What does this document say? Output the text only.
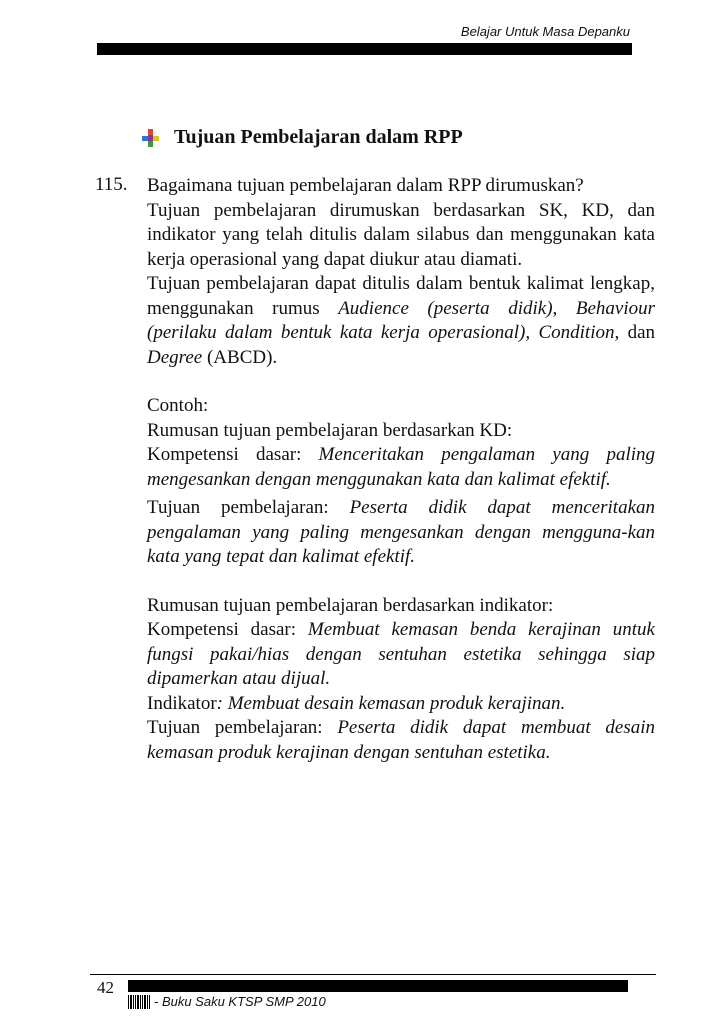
Belajar Untuk Masa Depanku
Tujuan Pembelajaran dalam RPP
115. Bagaimana tujuan pembelajaran dalam RPP dirumuskan?

Tujuan pembelajaran dirumuskan berdasarkan SK, KD, dan indikator yang telah ditulis dalam silabus dan menggunakan kata kerja operasional yang dapat diukur atau diamati.

Tujuan pembelajaran dapat ditulis dalam bentuk kalimat lengkap, menggunakan rumus Audience (peserta didik), Behaviour (perilaku dalam bentuk kata kerja operasional), Condition, dan Degree (ABCD).

Contoh:

Rumusan tujuan pembelajaran berdasarkan KD:

Kompetensi dasar: Menceritakan pengalaman yang paling mengesankan dengan menggunakan kata dan kalimat efektif.

Tujuan pembelajaran: Peserta didik dapat menceritakan pengalaman yang paling mengesankan dengan mengguna-kan kata yang tepat dan kalimat efektif.

Rumusan tujuan pembelajaran berdasarkan indikator:

Kompetensi dasar: Membuat kemasan benda kerajinan untuk fungsi pakai/hias dengan sentuhan estetika sehingga siap dipamerkan atau dijual.

Indikator: Membuat desain kemasan produk kerajinan.

Tujuan pembelajaran: Peserta didik dapat membuat desain kemasan produk kerajinan dengan sentuhan estetika.

42
- Buku Saku KTSP SMP 2010
